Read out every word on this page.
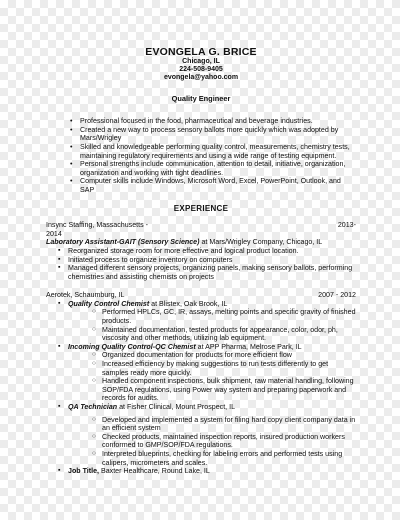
EVONGELA G. BRICE
Chicago, IL
224-508-9405
evongela@yahoo.com
Quality Engineer
• Professional focused in the food, pharmaceutical and beverage industries.
• Created a new way to process sensory ballots more quickly which was adopted by Mars/Wrigley
• Skilled and knowledgeable performing quality control, measurements, chemistry tests, maintaining regulatory requirements and using a wide range of testing equipment.
• Personal strengths include communication, attention to detail, initiative, organization, organization and working with tight deadlines.
• Computer skills include Windows, Microsoft Word, Excel, PowerPoint, Outlook, and SAP
EXPERIENCE
Insync Staffing, Massachusetts -	2013-
2014
Laboratory Assistant-GAIT (Sensory Science) at Mars/Wrigley Company, Chicago, IL
▪ Reorganized storage room for more effective and logical product location.
▪ Initiated process to organize inventory on computers
▪ Managed different sensory projects, organizing panels, making sensory ballots, performing chemistries and assisting chemists on projects
Aerotek, Schaumburg, IL	2007 - 2012
▪ Quality Control Chemist at Blistex, Oak Brook, IL
○ Performed HPLCs, GC, IR, assays, melting points and specific gravity of finished products.
○ Maintained documentation, tested products for appearance, color, odor, ph, viscosity and other methods, utilizing lab equipment.
▪ Incoming Quality Control-QC Chemist at APP Pharma, Melrose Park, IL
○ Organized documentation for products for more efficient flow
○ Increased efficiency by making suggestions to run tests differently to get samples ready more quickly.
○ Handled component inspections, bulk shipment, raw material handling, following SOP/FDA regulations, using Power way system and preparing paperwork and records for audits.
▪ QA Technician at Fisher Clinical, Mount Prospect, IL
○ Developed and implemented a system for filing hard copy client company data in an efficient system
○ Checked products, maintained inspection reports, insured production workers conformed to GMP/SOP/FDA regulations.
○ Interpreted blueprints, checking for labeling errors and performed tests using calipers, micrometers and scales.
▪ Job Title, Baxter Healthcare, Round Lake, IL
